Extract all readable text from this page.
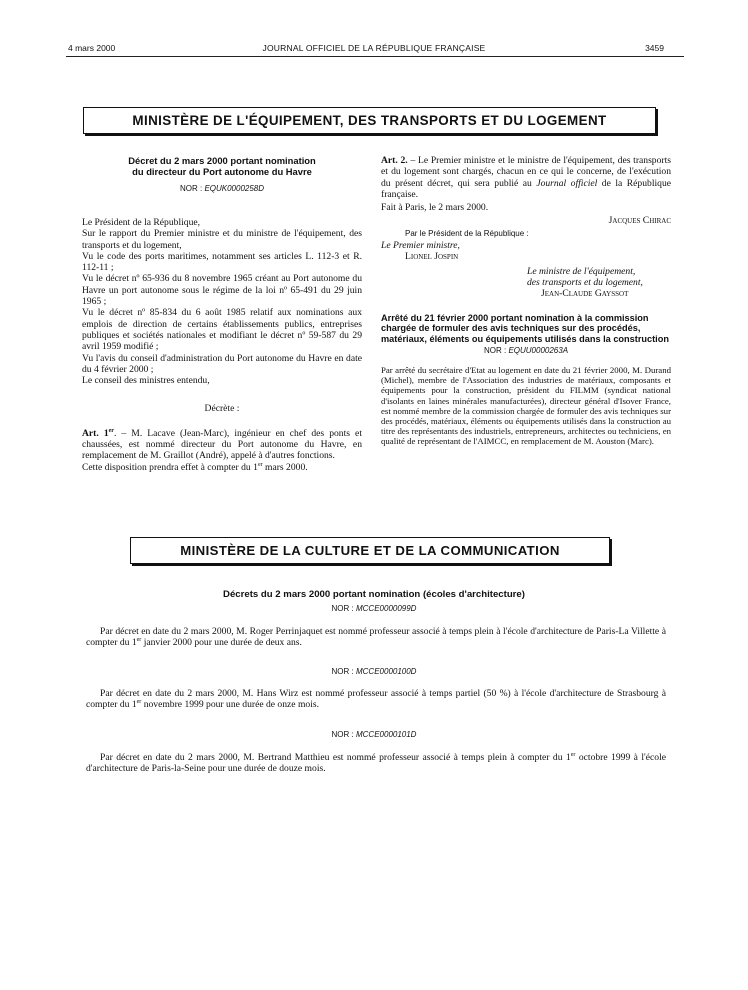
4 mars 2000	JOURNAL OFFICIEL DE LA RÉPUBLIQUE FRANÇAISE	3459
MINISTÈRE DE L'ÉQUIPEMENT, DES TRANSPORTS ET DU LOGEMENT
Décret du 2 mars 2000 portant nomination
du directeur du Port autonome du Havre
NOR : EQUK0000258D

Le Président de la République,

Sur le rapport du Premier ministre et du ministre de l'équipement, des transports et du logement,

Vu le code des ports maritimes, notamment ses articles L. 112-3 et R. 112-11 ;

Vu le décret nº 65-936 du 8 novembre 1965 créant au Port autonome du Havre un port autonome sous le régime de la loi nº 65-491 du 29 juin 1965 ;

Vu le décret nº 85-834 du 6 août 1985 relatif aux nominations aux emplois de direction de certains établissements publics, entreprises publiques et sociétés nationales et modifiant le décret nº 59-587 du 29 avril 1959 modifié ;

Vu l'avis du conseil d'administration du Port autonome du Havre en date du 4 février 2000 ;

Le conseil des ministres entendu,

Décrète :

Art. 1er. – M. Lacave (Jean-Marc), ingénieur en chef des ponts et chaussées, est nommé directeur du Port autonome du Havre, en remplacement de M. Graillot (André), appelé à d'autres fonctions.

Cette disposition prendra effet à compter du 1er mars 2000.

Art. 2. – Le Premier ministre et le ministre de l'équipement, des transports et du logement sont chargés, chacun en ce qui le concerne, de l'exécution du présent décret, qui sera publié au Journal officiel de la République française.

Fait à Paris, le 2 mars 2000.

Jacques Chirac

Par le Président de la République :

Le Premier ministre,

Lionel Jospin

Le ministre de l'équipement,

des transports et du logement,

Jean-Claude Gayssot

Arrêté du 21 février 2000 portant nomination à la commission chargée de formuler des avis techniques sur des procédés, matériaux, éléments ou équipements utilisés dans la construction
NOR : EQUU0000263A
Par arrêté du secrétaire d'Etat au logement en date du 21 février 2000, M. Durand (Michel), membre de l'Association des industries de matériaux, composants et équipements pour la construction, président du FILMM (syndicat national d'isolants en laines minérales manufacturées), directeur général d'Isover France, est nommé membre de la commission chargée de formuler des avis techniques sur des procédés, matériaux, éléments ou équipements utilisés dans la construction au titre des représentants des industriels, entrepreneurs, architectes ou techniciens, en qualité de représentant de l'AIMCC, en remplacement de M. Aouston (Marc).
MINISTÈRE DE LA CULTURE ET DE LA COMMUNICATION
Décrets du 2 mars 2000 portant nomination (écoles d'architecture)
NOR : MCCE0000099D
Par décret en date du 2 mars 2000, M. Roger Perrinjaquet est nommé professeur associé à temps plein à l'école d'architecture de Paris-La Villette à compter du 1er janvier 2000 pour une durée de deux ans.
NOR : MCCE0000100D
Par décret en date du 2 mars 2000, M. Hans Wirz est nommé professeur associé à temps partiel (50 %) à l'école d'architecture de Strasbourg à compter du 1er novembre 1999 pour une durée de onze mois.
NOR : MCCE0000101D
Par décret en date du 2 mars 2000, M. Bertrand Matthieu est nommé professeur associé à temps plein à compter du 1er octobre 1999 à l'école d'architecture de Paris-la-Seine pour une durée de douze mois.
